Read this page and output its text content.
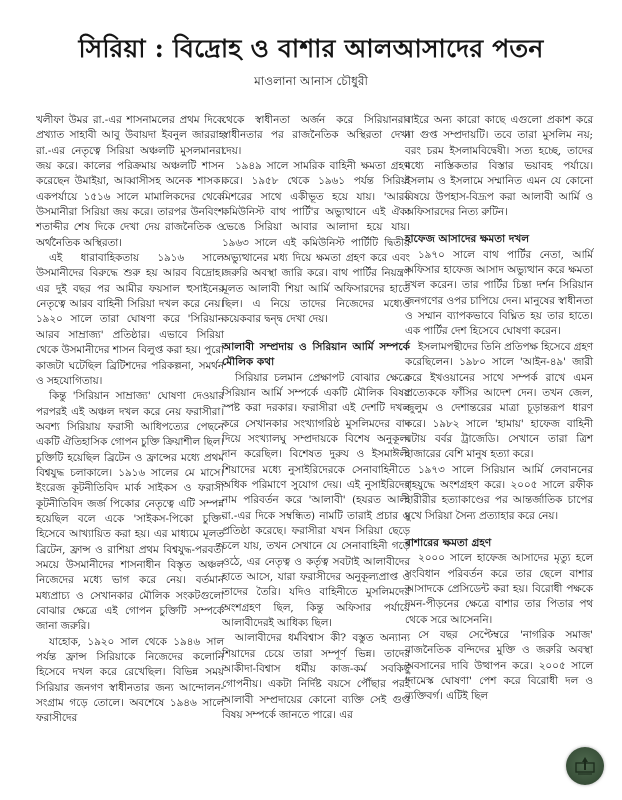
সিরিয়া : বিদ্রোহ ও বাশার আলআসাদের পতন
মাওলানা আনাস চৌধুরী

খলীফা উমর রা.-এর শাসনামলের প্রথম দিকে প্রখ্যাত সাহাবী আবু উবায়দা ইবনুল জাররাহ রা.-এর নেতৃত্বে সিরিয়া অঞ্চলটি মুসলমানরা জয় করে। কালের পরিক্রমায় অঞ্চলটি শাসন করেছেন উমাইয়া, আব্বাসীসহ অনেক শাসক। একপর্যায়ে ১৫১৬ সালে মামালিকদের থেকে উসমানীরা সিরিয়া জয় করে। তারপর উনবিংশ শতাব্দীর শেষ দিকে দেখা দেয় রাজনৈতিক ও অর্থনৈতিক অস্থিরতা।

এই ধারাবাহিকতায় ১৯১৬ সালে উসমানীদের বিরুদ্ধে শুরু হয় আরব বিদ্রোহ। এর দুই বছর পর আমীর ফয়সাল হুসাইনের নেতৃত্বে আরব বাহিনী সিরিয়া দখল করে নেয়। ১৯২০ সালে তারা ঘোষণা করে 'সিরিয়ান আরব সাম্রাজ্য' প্রতিষ্ঠার। এভাবে সিরিয়া থেকে উসমানীদের শাসন বিলুপ্ত করা হয়। পুরো কাজটা ঘটেছিল ব্রিটিশদের পরিকল্পনা, সমর্থন ও সহযোগিতায়।

কিন্তু 'সিরিয়ান সাম্রাজ্য' ঘোষণা দেওয়ার পরপরই এই অঞ্চল দখল করে নেয় ফরাসীরা। অবশ্য সিরিয়ায় ফরাসী আধিপত্যের পেছনে একটি ঐতিহাসিক গোপন চুক্তি ক্রিয়াশীল ছিল। চুক্তিটি হয়েছিল ব্রিটেন ও ফ্রান্সের মধ্যে প্রথম বিশ্বযুদ্ধ চলাকালে। ১৯১৬ সালের মে মাসে। ইংরেজ কূটনীতিবিদ মার্ক সাইকস ও ফরাসী কূটনীতিবিদ জর্জ পিকোর নেতৃত্বে এটি সম্পন্ন হয়েছিল বলে একে 'সাইকস-পিকো চুক্তি' হিসেবে আখ্যায়িত করা হয়। এর মাধ্যমে মূলত ব্রিটেন, ফ্রান্স ও রাশিয়া প্রথম বিশ্বযুদ্ধ-পরবর্তী সময়ে উসমানীদের শাসনাধীন বিস্তৃত অঞ্চল নিজেদের মধ্যে ভাগ করে নেয়। বর্তমান মধ্যপ্রাচ্য ও সেখানকার মৌলিক সংকটগুলো বোঝার ক্ষেত্রে এই গোপন চুক্তিটি সম্পর্কে জানা জরুরি।

যাহোক, ১৯২০ সাল থেকে ১৯৪৬ সাল পর্যন্ত ফ্রান্স সিরিয়াকে নিজেদের কলোনি হিসেবে দখল করে রেখেছিল। বিভিন্ন সময় সিরিয়ার জনগণ স্বাধীনতার জন্য আন্দোলন-সংগ্রাম গড়ে তোলে। অবশেষে ১৯৪৬ সালে ফরাসীদের

থেকে স্বাধীনতা অর্জন করে সিরিয়ানরা। স্বাধীনতার পর রাজনৈতিক অস্থিরতা দেখা দেয়।

১৯৪৯ সালে সামরিক বাহিনী ক্ষমতা গ্রহণ করে। ১৯৫৮ থেকে ১৯৬১ পর্যন্ত সিরিয়া মিশরের সাথে একীভূত হয়ে যায়। 'আরব কমিউনিস্ট বাথ পার্টি'র অভ্যুত্থানে এই ঐক্য ভেঙে সিরিয়া আবার আলাদা হয়ে যায়। ১৯৬৩ সালে এই কমিউনিস্ট পার্টিটি দ্বিতীয় অভ্যুত্থানের মধ্য দিয়ে ক্ষমতা গ্রহণ করে এবং জরুরি অবস্থা জারি করে। বাথ পার্টির নিয়ন্ত্রণ মূলত আলাবী শিয়া আর্মি অফিসারদের হাতে ছিল। এ নিয়ে তাদের নিজেদের মধ্যেও কয়েকবার দ্বন্দ্ব দেখা দেয়।

আলাবী সম্প্রদায় ও সিরিয়ান আর্মি সম্পর্কে মৌলিক কথা

সিরিয়ার চলমান প্রেক্ষাপট বোঝার ক্ষেত্রে সিরিয়ান আর্মি সম্পর্কে একটি মৌলিক বিষয় স্পষ্ট করা দরকার। ফরাসীরা এই দেশটি দখল করে সেখানকার সংখ্যাগরিষ্ঠ মুসলিমদের বাদ দিয়ে সংখ্যালঘু সম্প্রদায়কে বিশেষ অনুকূল্য দান করেছিল। বিশেষত দুরুয ও ইসমাঈলী শিয়াদের মধ্যে নুসাইরিদেরকে সেনাবাহিনীতে অধিক পরিমাণে সুযোগ দেয়। এই নুসাইরিদের নাম পরিবর্তন করে 'আলাবী' (হযরত আলী রা.-এর দিকে সম্বন্ধিত) নামটি তারাই প্রচার ও প্রতিষ্ঠা করেছে। ফরাসীরা যখন সিরিয়া ছেড়ে চলে যায়, তখন সেখানে যে সেনাবাহিনী গড়ে ওঠে, এর নেতৃত্ব ও কর্তৃত্ব সবটাই আলাবীদের হাতে আসে, যারা ফরাসীদের অনুকূল্যপ্রাপ্ত ও তাদের তৈরি। যদিও বাহিনীতে মুসলিমদের অংশগ্রহণ ছিল, কিন্তু অফিসার পর্যায়ে আলাবীদেরই আধিক্য ছিল।

আলাবীদের ধর্মবিশ্বাস কী? বস্তুত অন্যান্য শিয়াদের চেয়ে তারা সম্পূর্ণ ভিন্ন। তাদের আকীদা-বিশ্বাস ধর্মীয় কাজ-কর্ম সবকিছু গোপনীয়। একটা নির্দিষ্ট বয়সে পৌঁছার পরই আলাবী সম্প্রদায়ের কোনো ব্যক্তি সেই গুপ্ত বিষয় সম্পর্কে জানতে পারে। এর

বাইরে অন্য কারো কাছে এগুলো প্রকাশ করে না গুপ্ত সম্প্রদায়টি। তবে তারা মুসলিম নয়; বরং চরম ইসলামবিদ্বেষী। সত্য হচ্ছে, তাদের মধ্যে নাস্তিকতার বিস্তার ভয়াবহ পর্যায়ে। ইসলাম ও ইসলামে সম্মানিত এমন যে কোনো বিষয়ে উপহাস-বিদ্রূপ করা আলাবী আর্মি ও অফিসারদের নিত্য রুটিন।

হাফেজ আসাদের ক্ষমতা দখল

১৯৭০ সালে বাথ পার্টির নেতা, আর্মি অফিসার হাফেজ আসাদ অভ্যুত্থান করে ক্ষমতা দখল করেন। তার পার্টির চিন্তা দর্শন সিরিয়ান জনগণের ওপর চাপিয়ে দেন। মানুষের স্বাধীনতা ও সম্মান ব্যাপকভাবে বিঘ্নিত হয় তার হাতে। এক পার্টির দেশ হিসেবে ঘোষণা করেন।

ইসলামপন্থীদের তিনি প্রতিপক্ষ হিসেবে গ্রহণ করেছিলেন। ১৯৮০ সালে 'আইন-৪৯' জারী করে ইখওয়ানের সাথে সম্পর্ক রাখে এমন প্রত্যেককে ফাঁসির আদেশ দেন। তখন জেল, জুলুম ও দেশান্তরের মাত্রা চূড়ান্তরূপ ধারণ করে। ১৯৮২ সালে 'হামায়' হাফেজ বাহিনী ঘটায় বর্বর ট্রাজেডি। সেখানে তারা ত্রিশ হাজারের বেশি মানুষ হত্যা করে।

১৯৭৩ সালে সিরিয়ান আর্মি লেবাননের গৃহযুদ্ধে অংশগ্রহণ করে। ২০০৫ সালে রফীক হারীরীর হত্যাকাণ্ডের পর আন্তর্জাতিক চাপের মুখে সিরিয়া সৈন্য প্রত্যাহার করে নেয়।

বাশারের ক্ষমতা গ্রহণ

২০০০ সালে হাফেজ আসাদের মৃত্যু হলে সংবিধান পরিবর্তন করে তার ছেলে বাশার আসাদকে প্রেসিডেন্ট করা হয়। বিরোধী পক্ষকে দমন-পীড়নের ক্ষেত্রে বাশার তার পিতার পথ থেকে সরে আসেননি।

সে বছর সেপ্টেম্বরে 'নাগরিক সমাজ' রাজনৈতিক বন্দিদের মুক্তি ও জরুরি অবস্থা অবসানের দাবি উত্থাপন করে। ২০০৫ সালে 'দামেস্ক ঘোষণা' পেশ করে বিরোধী দল ও ব্যক্তিবর্গ। এটিই ছিল
